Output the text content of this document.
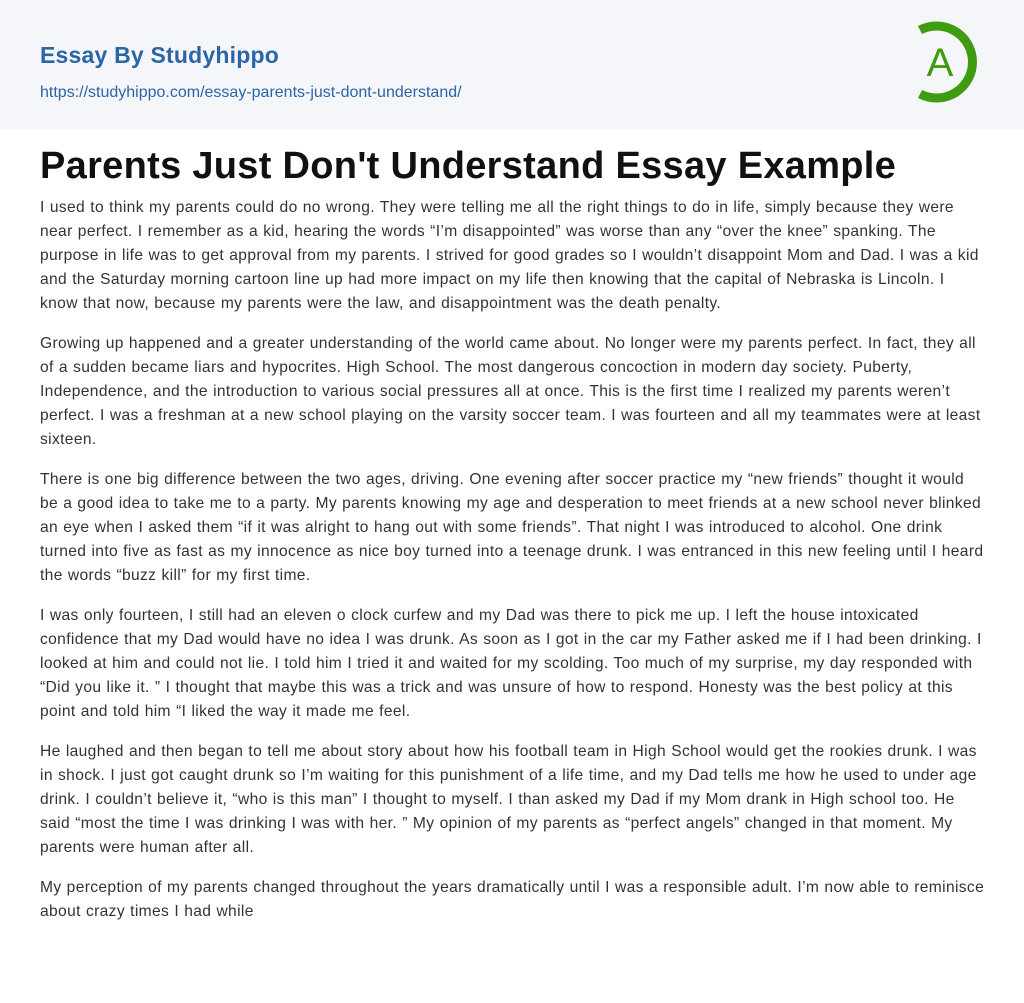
Essay By Studyhippo
https://studyhippo.com/essay-parents-just-dont-understand/
A
Parents Just Don't Understand Essay Example

I used to think my parents could do no wrong. They were telling me all the right things to do in life, simply because they were near perfect. I remember as a kid, hearing the words “I’m disappointed” was worse than any “over the knee” spanking. The purpose in life was to get approval from my parents. I strived for good grades so I wouldn’t disappoint Mom and Dad. I was a kid and the Saturday morning cartoon line up had more impact on my life then knowing that the capital of Nebraska is Lincoln. I know that now, because my parents were the law, and disappointment was the death penalty.

Growing up happened and a greater understanding of the world came about. No longer were my parents perfect. In fact, they all of a sudden became liars and hypocrites. High School. The most dangerous concoction in modern day society. Puberty, Independence, and the introduction to various social pressures all at once. This is the first time I realized my parents weren’t perfect. I was a freshman at a new school playing on the varsity soccer team. I was fourteen and all my teammates were at least sixteen.

There is one big difference between the two ages, driving. One evening after soccer practice my “new friends” thought it would be a good idea to take me to a party. My parents knowing my age and desperation to meet friends at a new school never blinked an eye when I asked them “if it was alright to hang out with some friends”. That night I was introduced to alcohol. One drink turned into five as fast as my innocence as nice boy turned into a teenage drunk. I was entranced in this new feeling until I heard the words “buzz kill” for my first time.

I was only fourteen, I still had an eleven o clock curfew and my Dad was there to pick me up. I left the house intoxicated confidence that my Dad would have no idea I was drunk. As soon as I got in the car my Father asked me if I had been drinking. I looked at him and could not lie. I told him I tried it and waited for my scolding. Too much of my surprise, my day responded with “Did you like it. ” I thought that maybe this was a trick and was unsure of how to respond. Honesty was the best policy at this point and told him “I liked the way it made me feel.

He laughed and then began to tell me about story about how his football team in High School would get the rookies drunk. I was in shock. I just got caught drunk so I’m waiting for this punishment of a life time, and my Dad tells me how he used to under age drink. I couldn’t believe it, “who is this man” I thought to myself. I than asked my Dad if my Mom drank in High school too. He said “most the time I was drinking I was with her. ” My opinion of my parents as “perfect angels” changed in that moment. My parents were human after all.

My perception of my parents changed throughout the years dramatically until I was a responsible adult. I’m now able to reminisce about crazy times I had while
